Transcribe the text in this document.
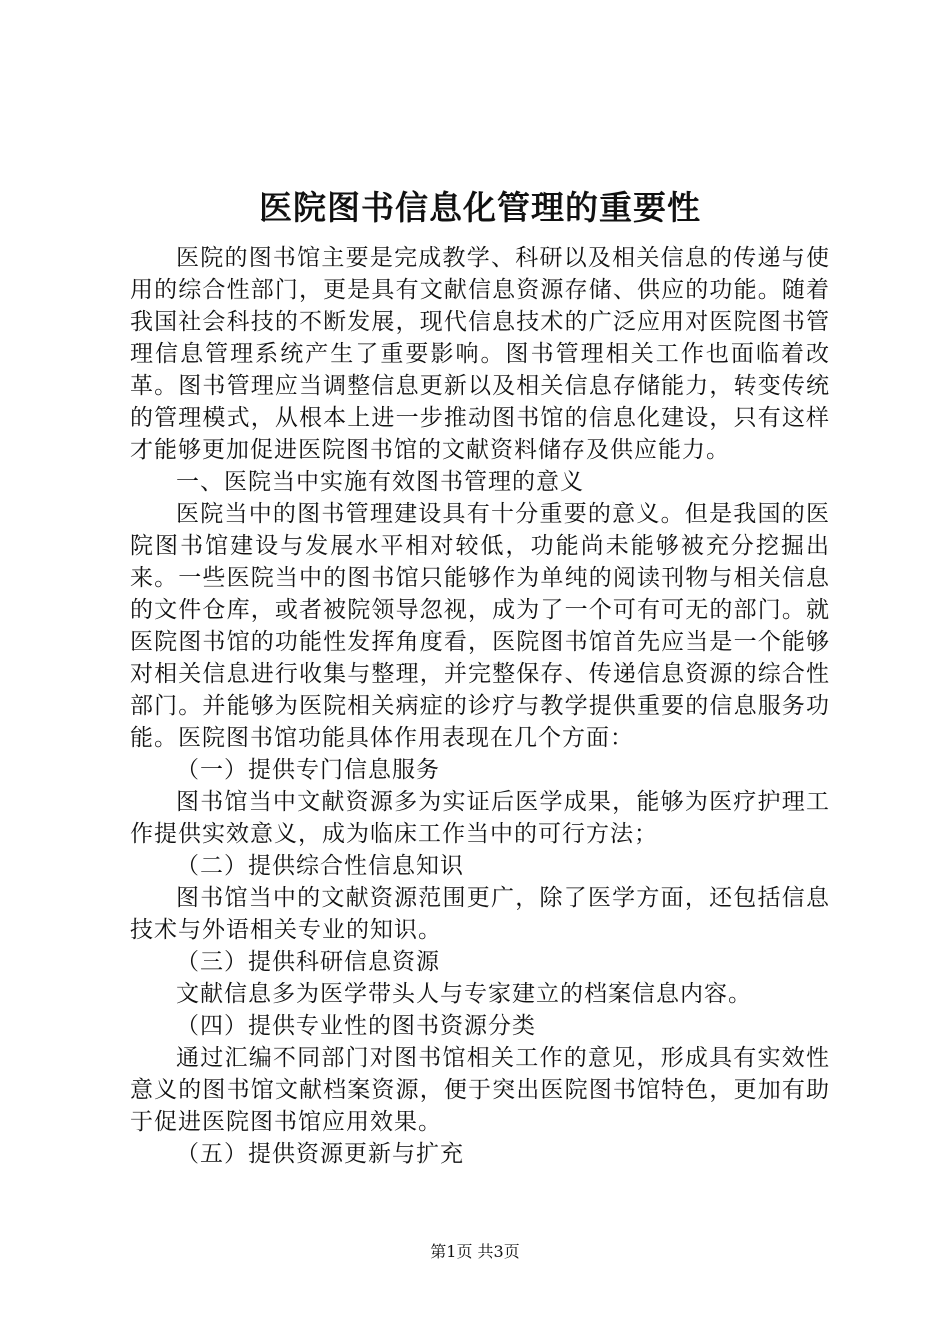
医院图书信息化管理的重要性

医院的图书馆主要是完成教学、科研以及相关信息的传递与使用的综合性部门，更是具有文献信息资源存储、供应的功能。随着我国社会科技的不断发展，现代信息技术的广泛应用对医院图书管理信息管理系统产生了重要影响。图书管理相关工作也面临着改革。图书管理应当调整信息更新以及相关信息存储能力，转变传统的管理模式，从根本上进一步推动图书馆的信息化建设，只有这样才能够更加促进医院图书馆的文献资料储存及供应能力。

一、医院当中实施有效图书管理的意义

医院当中的图书管理建设具有十分重要的意义。但是我国的医院图书馆建设与发展水平相对较低，功能尚未能够被充分挖掘出来。一些医院当中的图书馆只能够作为单纯的阅读刊物与相关信息的文件仓库，或者被院领导忽视，成为了一个可有可无的部门。就医院图书馆的功能性发挥角度看，医院图书馆首先应当是一个能够对相关信息进行收集与整理，并完整保存、传递信息资源的综合性部门。并能够为医院相关病症的诊疗与教学提供重要的信息服务功能。医院图书馆功能具体作用表现在几个方面：

（一）提供专门信息服务

图书馆当中文献资源多为实证后医学成果，能够为医疗护理工作提供实效意义，成为临床工作当中的可行方法；

（二）提供综合性信息知识

图书馆当中的文献资源范围更广，除了医学方面，还包括信息技术与外语相关专业的知识。

（三）提供科研信息资源

文献信息多为医学带头人与专家建立的档案信息内容。

（四）提供专业性的图书资源分类

通过汇编不同部门对图书馆相关工作的意见，形成具有实效性意义的图书馆文献档案资源，便于突出医院图书馆特色，更加有助于促进医院图书馆应用效果。

（五）提供资源更新与扩充

第1页 共3页
